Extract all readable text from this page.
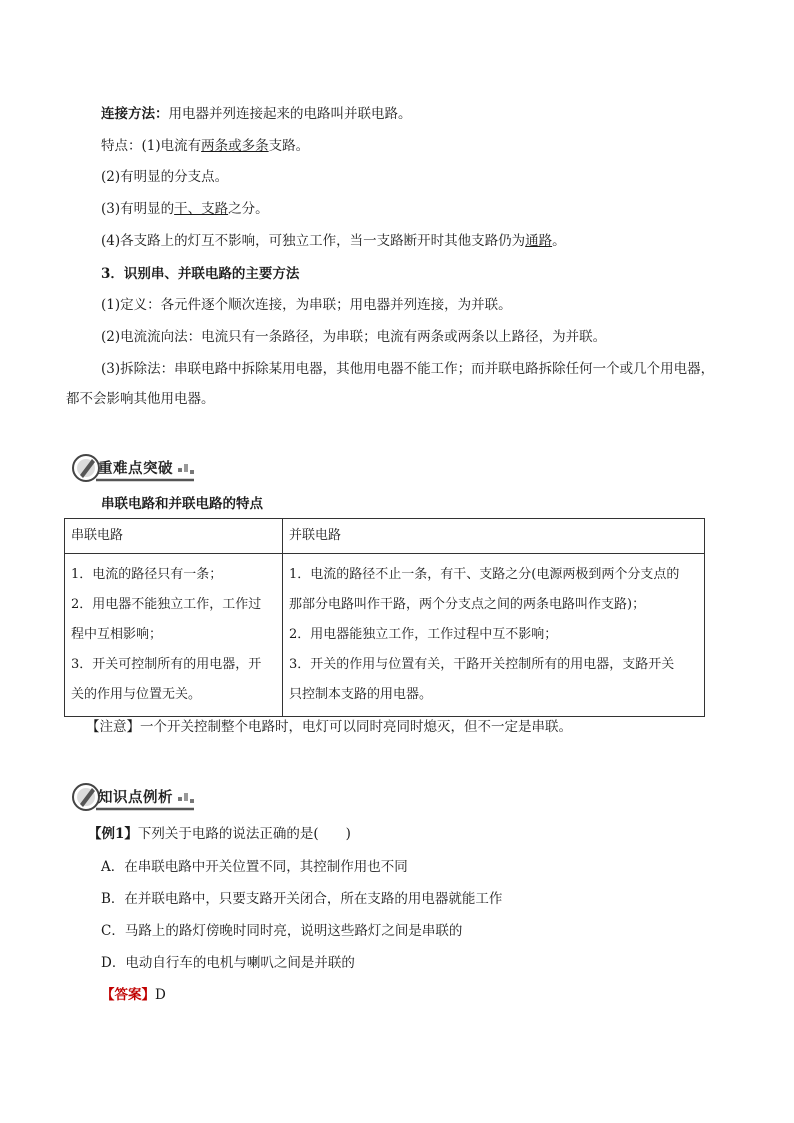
连接方法：用电器并列连接起来的电路叫并联电路。
特点：(1)电流有两条或多条支路。
(2)有明显的分支点。
(3)有明显的干、支路之分。
(4)各支路上的灯互不影响，可独立工作，当一支路断开时其他支路仍为通路。
3．识别串、并联电路的主要方法
(1)定义：各元件逐个顺次连接，为串联；用电器并列连接，为并联。
(2)电流流向法：电流只有一条路径，为串联；电流有两条或两条以上路径，为并联。
(3)拆除法：串联电路中拆除某用电器，其他用电器不能工作；而并联电路拆除任何一个或几个用电器，
都不会影响其他用电器。
重难点突破
串联电路和并联电路的特点
串联电路	并联电路

1．电流的路径只有一条；
2．用电器不能独立工作，工作过
程中互相影响；
3．开关可控制所有的用电器，开
关的作用与位置无关。	1．电流的路径不止一条，有干、支路之分(电源两极到两个分支点的
那部分电路叫作干路，两个分支点之间的两条电路叫作支路)；
2．用电器能独立工作，工作过程中互不影响；
3．开关的作用与位置有关，干路开关控制所有的用电器，支路开关
只控制本支路的用电器。
【注意】一个开关控制整个电路时，电灯可以同时亮同时熄灭，但不一定是串联。
知识点例析
【例1】下列关于电路的说法正确的是(　　)
A．在串联电路中开关位置不同，其控制作用也不同
B．在并联电路中，只要支路开关闭合，所在支路的用电器就能工作
C．马路上的路灯傍晚时同时亮，说明这些路灯之间是串联的
D．电动自行车的电机与喇叭之间是并联的
【答案】D
